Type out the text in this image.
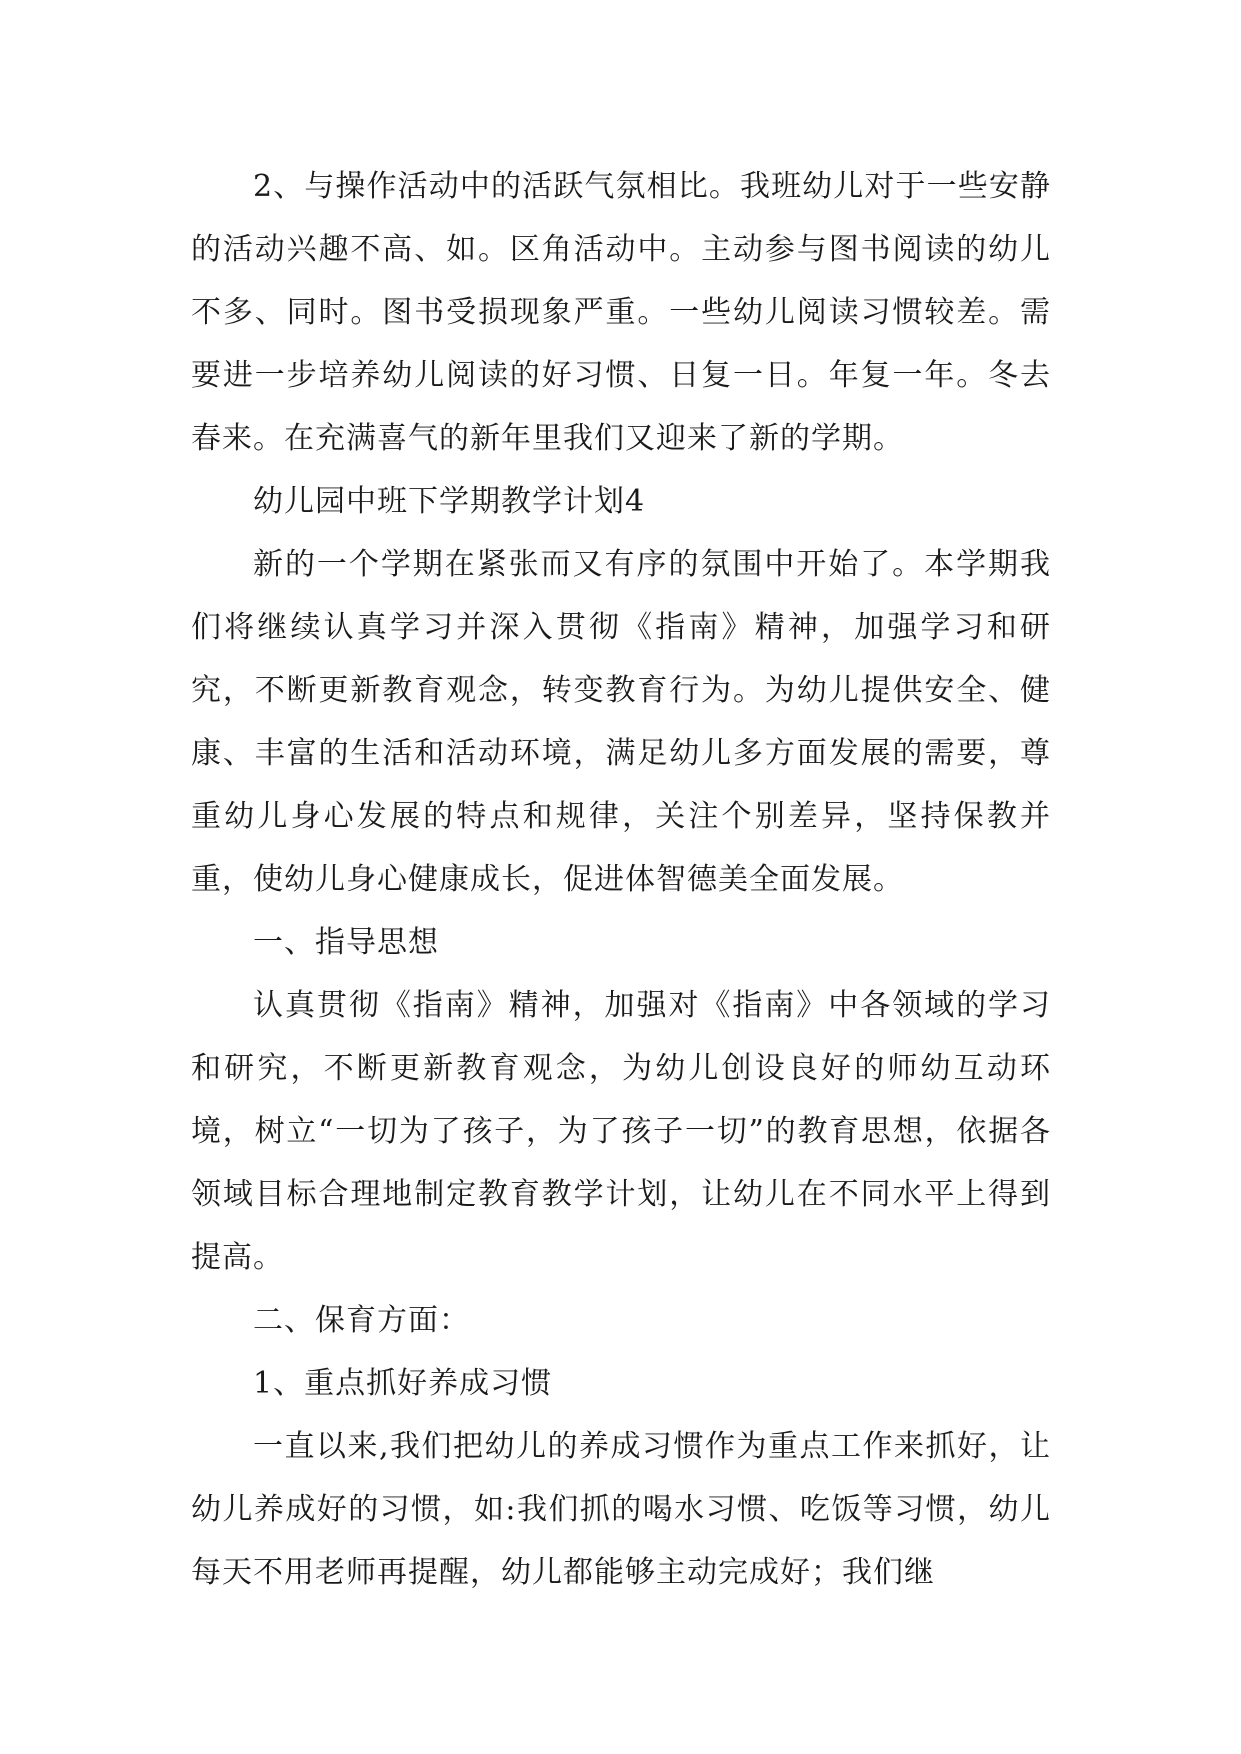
2、与操作活动中的活跃气氛相比。我班幼儿对于一些安静的活动兴趣不高、如。区角活动中。主动参与图书阅读的幼儿不多、同时。图书受损现象严重。一些幼儿阅读习惯较差。需要进一步培养幼儿阅读的好习惯、日复一日。年复一年。冬去春来。在充满喜气的新年里我们又迎来了新的学期。

幼儿园中班下学期教学计划4

新的一个学期在紧张而又有序的氛围中开始了。本学期我们将继续认真学习并深入贯彻《指南》精神，加强学习和研究，不断更新教育观念，转变教育行为。为幼儿提供安全、健康、丰富的生活和活动环境，满足幼儿多方面发展的需要，尊重幼儿身心发展的特点和规律，关注个别差异，坚持保教并重，使幼儿身心健康成长，促进体智德美全面发展。

一、指导思想

认真贯彻《指南》精神，加强对《指南》中各领域的学习和研究，不断更新教育观念，为幼儿创设良好的师幼互动环境，树立“一切为了孩子，为了孩子一切”的教育思想，依据各领域目标合理地制定教育教学计划，让幼儿在不同水平上得到提高。

二、保育方面：

1、重点抓好养成习惯

一直以来,我们把幼儿的养成习惯作为重点工作来抓好，让幼儿养成好的习惯，如:我们抓的喝水习惯、吃饭等习惯，幼儿每天不用老师再提醒，幼儿都能够主动完成好；我们继
